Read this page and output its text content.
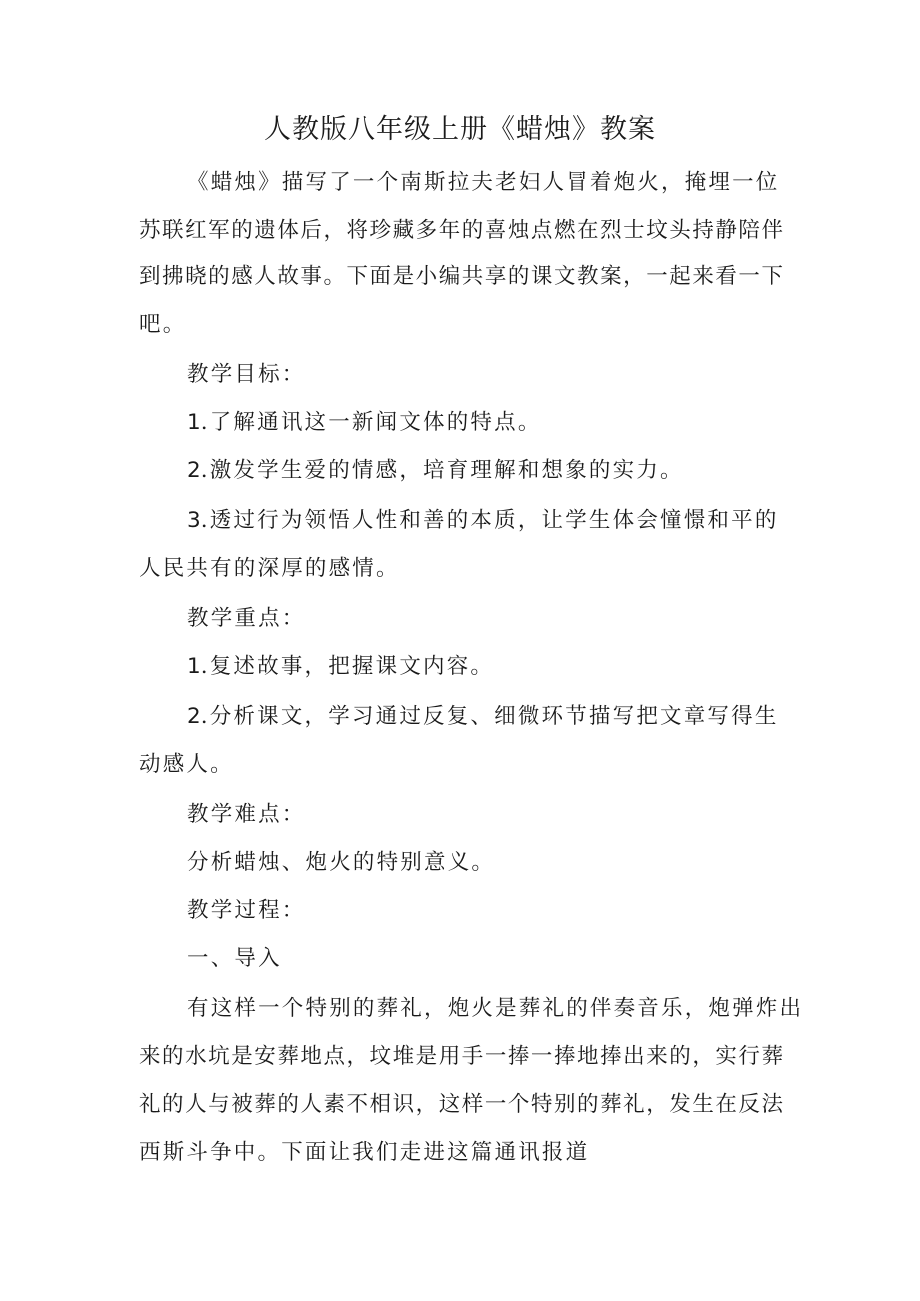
人教版八年级上册《蜡烛》教案
《蜡烛》描写了一个南斯拉夫老妇人冒着炮火，掩埋一位
苏联红军的遗体后，将珍藏多年的喜烛点燃在烈士坟头持静陪伴
到拂晓的感人故事。下面是小编共享的课文教案，一起来看一下
吧。
教学目标：
1.了解通讯这一新闻文体的特点。
2.激发学生爱的情感，培育理解和想象的实力。
3.透过行为领悟人性和善的本质，让学生体会憧憬和平的
人民共有的深厚的感情。
教学重点：
1.复述故事，把握课文内容。
2.分析课文，学习通过反复、细微环节描写把文章写得生
动感人。
教学难点：
分析蜡烛、炮火的特别意义。
教学过程：
一、导入
有这样一个特别的葬礼，炮火是葬礼的伴奏音乐，炮弹炸出
来的水坑是安葬地点，坟堆是用手一捧一捧地捧出来的，实行葬
礼的人与被葬的人素不相识，这样一个特别的葬礼，发生在反法
西斯斗争中。下面让我们走进这篇通讯报道
